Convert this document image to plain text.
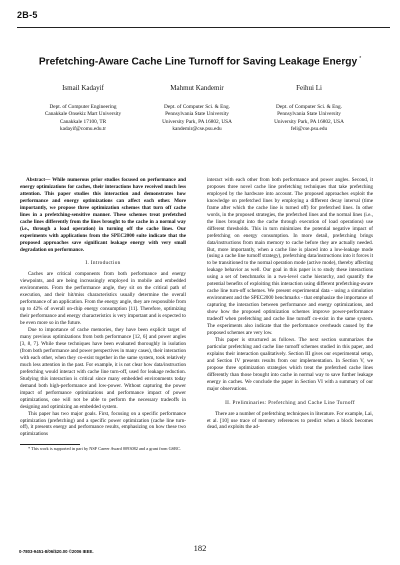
2B-5
Prefetching-Aware Cache Line Turnoff for Saving Leakage Energy *
Ismail Kadayif
Dept. of Computer Engineering
Canakkale Onsekiz Mart University
Canakkale 17100, TR
kadayif@comu.edu.tr
Mahmut Kandemir
Dept. of Computer Sci. & Eng.
Pennsylvania State University
University Park, PA 16802, USA
kandemir@cse.psu.edu
Feihui Li
Dept. of Computer Sci. & Eng.
Pennsylvania State University
University Park, PA 16802, USA
feli@cse.psu.edu

Abstract— While numerous prior studies focused on performance and energy optimizations for caches, their interactions have received much less attention. This paper studies this interaction and demonstrates how performance and energy optimizations can affect each other. More importantly, we propose three optimization schemes that turn off cache lines in a prefetching-sensitive manner. These schemes treat prefetched cache lines differently from the lines brought to the cache in a normal way (i.e., through a load operation) in turning off the cache lines. Our experiments with applications from the SPEC2000 suite indicate that the proposed approaches save significant leakage energy with very small degradation on performance.

I. Introduction

Caches are critical components from both performance and energy viewpoints, and are being increasingly employed in mobile and embedded environments. From the performance angle, they sit on the critical path of execution, and their hit/miss characteristics usually determine the overall performance of an application. From the energy angle, they are responsible from up to 42% of overall on-chip energy consumption [11]. Therefore, optimizing their performance and energy characteristics is very important and is expected to be even more so in the future.

Due to importance of cache memories, they have been explicit target of many previous optimizations from both performance [12, 6] and power angles [3, 8, 7]. While these techniques have been evaluated thoroughly in isolation (from both performance and power perspectives in many cases), their interaction with each other, when they co-exist together in the same system, took relatively much less attention in the past. For example, it is not clear how data/instruction prefetching would interact with cache line turn-off, used for leakage reduction. Studying this interaction is critical since many embedded environments today demand both high-performance and low-power. Without capturing the power impact of performance optimizations and performance impact of power optimizations, one will not be able to perform the necessary tradeoffs in designing and optimizing an embedded system.

This paper has two major goals. First, focusing on a specific performance optimization (prefetching) and a specific power optimization (cache line turn-off), it presents energy and performance results, emphasizing on how these two optimizations

* This work is supported in part by NSF Career Award 0093082 and a grant from GSRC.

interact with each other from both performance and power angles. Second, it proposes three novel cache line prefetching techniques that take prefetching employed by the hardware into account. The proposed approaches exploit the knowledge on prefetched lines by employing a different decay interval (time frame after which the cache line is turned off) for prefetched lines. In other words, in the proposed strategies, the prefetched lines and the normal lines (i.e., the lines brought into the cache through execution of load operations) use different thresholds. This in turn minimizes the potential negative impact of prefetching on energy consumption. In more detail, prefetching brings data/instructions from main memory to cache before they are actually needed. But, more importantly, when a cache line is placed into a low-leakage mode (using a cache line turnoff strategy), prefetching data/instructions into it forces it to be transitioned to the normal operation mode (active mode), thereby affecting leakage behavior as well. Our goal in this paper is to study these interactions using a set of benchmarks in a two-level cache hierarchy, and quantify the potential benefits of exploiting this interaction using different prefetching-aware cache line turn-off schemes. We present experimental data - using a simulation environment and the SPEC2000 benchmarks - that emphasize the importance of capturing the interaction between performance and energy optimizations, and show how the proposed optimization schemes improve power-performance tradeoff when prefetching and cache line turnoff co-exist in the same system. The experiments also indicate that the performance overheads caused by the proposed schemes are very low.

This paper is structured as follows. The next section summarizes the particular prefetching and cache line turnoff schemes studied in this paper, and explains their interaction qualitatively. Section III gives our experimental setup, and Section IV presents results from our implementation. In Section V, we propose three optimization strategies which treat the prefetched cache lines differently than those brought into cache in normal way to save further leakage energy in caches. We conclude the paper in Section VI with a summary of our major observations.

II. Preliminaries: Prefetching and Cache Line Turnoff

There are a number of prefetching techniques in literature. For example, Lai, et al. [10] use trace of memory references to predict when a block becomes dead, and exploits the ad-

0-7803-9451-8/06/$20.00 ©2006 IEEE.	182
